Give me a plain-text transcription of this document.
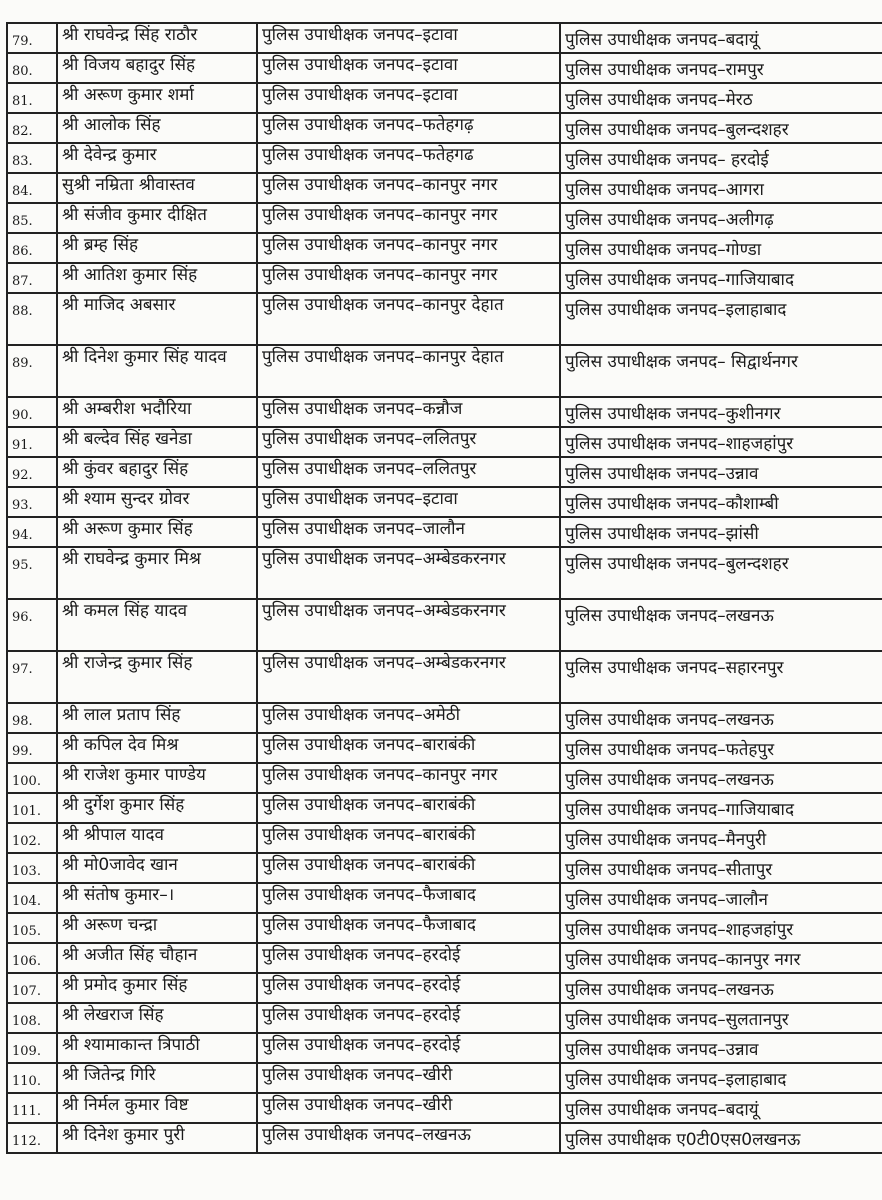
79.	श्री राघवेन्द्र सिंह राठौर	पुलिस उपाधीक्षक जनपद–इटावा	पुलिस उपाधीक्षक जनपद–बदायूं

80.	श्री विजय बहादुर सिंह	पुलिस उपाधीक्षक जनपद–इटावा	पुलिस उपाधीक्षक जनपद–रामपुर

81.	श्री अरूण कुमार शर्मा	पुलिस उपाधीक्षक जनपद–इटावा	पुलिस उपाधीक्षक जनपद–मेरठ

82.	श्री आलोक सिंह	पुलिस उपाधीक्षक जनपद–फतेहगढ़	पुलिस उपाधीक्षक जनपद–बुलन्दशहर

83.	श्री देवेन्द्र कुमार	पुलिस उपाधीक्षक जनपद–फतेहगढ	पुलिस उपाधीक्षक जनपद– हरदोई

84.	सुश्री नम्रिता श्रीवास्तव	पुलिस उपाधीक्षक जनपद–कानपुर नगर	पुलिस उपाधीक्षक जनपद–आगरा

85.	श्री संजीव कुमार दीक्षित	पुलिस उपाधीक्षक जनपद–कानपुर नगर	पुलिस उपाधीक्षक जनपद–अलीगढ़

86.	श्री ब्रम्ह सिंह	पुलिस उपाधीक्षक जनपद–कानपुर नगर	पुलिस उपाधीक्षक जनपद–गोण्डा

87.	श्री आतिश कुमार सिंह	पुलिस उपाधीक्षक जनपद–कानपुर नगर	पुलिस उपाधीक्षक जनपद–गाजियाबाद

88.	श्री माजिद अबसार	पुलिस उपाधीक्षक जनपद–कानपुर देहात	पुलिस उपाधीक्षक जनपद–इलाहाबाद

89.	श्री दिनेश कुमार सिंह यादव	पुलिस उपाधीक्षक जनपद–कानपुर देहात	पुलिस उपाधीक्षक जनपद– सिद्वार्थनगर

90.	श्री अम्बरीश भदौरिया	पुलिस उपाधीक्षक जनपद–कन्नौज	पुलिस उपाधीक्षक जनपद–कुशीनगर

91.	श्री बल्देव सिंह खनेडा	पुलिस उपाधीक्षक जनपद–ललितपुर	पुलिस उपाधीक्षक जनपद–शाहजहांपुर

92.	श्री कुंवर बहादुर सिंह	पुलिस उपाधीक्षक जनपद–ललितपुर	पुलिस उपाधीक्षक जनपद–उन्नाव

93.	श्री श्याम सुन्दर ग्रोवर	पुलिस उपाधीक्षक जनपद–इटावा	पुलिस उपाधीक्षक जनपद–कौशाम्बी

94.	श्री अरूण कुमार सिंह	पुलिस उपाधीक्षक जनपद–जालौन	पुलिस उपाधीक्षक जनपद–झांसी

95.	श्री राघवेन्द्र कुमार मिश्र	पुलिस उपाधीक्षक जनपद–अम्बेडकरनगर	पुलिस उपाधीक्षक जनपद–बुलन्दशहर

96.	श्री कमल सिंह यादव	पुलिस उपाधीक्षक जनपद–अम्बेडकरनगर	पुलिस उपाधीक्षक जनपद–लखनऊ

97.	श्री राजेन्द्र कुमार सिंह	पुलिस उपाधीक्षक जनपद–अम्बेडकरनगर	पुलिस उपाधीक्षक जनपद–सहारनपुर

98.	श्री लाल प्रताप सिंह	पुलिस उपाधीक्षक जनपद–अमेठी	पुलिस उपाधीक्षक जनपद–लखनऊ

99.	श्री कपिल देव मिश्र	पुलिस उपाधीक्षक जनपद–बाराबंकी	पुलिस उपाधीक्षक जनपद–फतेहपुर

100.	श्री राजेश कुमार पाण्डेय	पुलिस उपाधीक्षक जनपद–कानपुर नगर	पुलिस उपाधीक्षक जनपद–लखनऊ

101.	श्री दुर्गेश कुमार सिंह	पुलिस उपाधीक्षक जनपद–बाराबंकी	पुलिस उपाधीक्षक जनपद–गाजियाबाद

102.	श्री श्रीपाल यादव	पुलिस उपाधीक्षक जनपद–बाराबंकी	पुलिस उपाधीक्षक जनपद–मैनपुरी

103.	श्री मो0जावेद खान	पुलिस उपाधीक्षक जनपद–बाराबंकी	पुलिस उपाधीक्षक जनपद–सीतापुर

104.	श्री संतोष कुमार–।	पुलिस उपाधीक्षक जनपद–फैजाबाद	पुलिस उपाधीक्षक जनपद–जालौन

105.	श्री अरूण चन्द्रा	पुलिस उपाधीक्षक जनपद–फैजाबाद	पुलिस उपाधीक्षक जनपद–शाहजहांपुर

106.	श्री अजीत सिंह चौहान	पुलिस उपाधीक्षक जनपद–हरदोई	पुलिस उपाधीक्षक जनपद–कानपुर नगर

107.	श्री प्रमोद कुमार सिंह	पुलिस उपाधीक्षक जनपद–हरदोई	पुलिस उपाधीक्षक जनपद–लखनऊ

108.	श्री लेखराज सिंह	पुलिस उपाधीक्षक जनपद–हरदोई	पुलिस उपाधीक्षक जनपद–सुलतानपुर

109.	श्री श्यामाकान्त त्रिपाठी	पुलिस उपाधीक्षक जनपद–हरदोई	पुलिस उपाधीक्षक जनपद–उन्नाव

110.	श्री जितेन्द्र गिरि	पुलिस उपाधीक्षक जनपद–खीरी	पुलिस उपाधीक्षक जनपद–इलाहाबाद

111.	श्री निर्मल कुमार विष्ट	पुलिस उपाधीक्षक जनपद–खीरी	पुलिस उपाधीक्षक जनपद–बदायूं

112.	श्री दिनेश कुमार पुरी	पुलिस उपाधीक्षक जनपद–लखनऊ	पुलिस उपाधीक्षक ए0टी0एस0लखनऊ
